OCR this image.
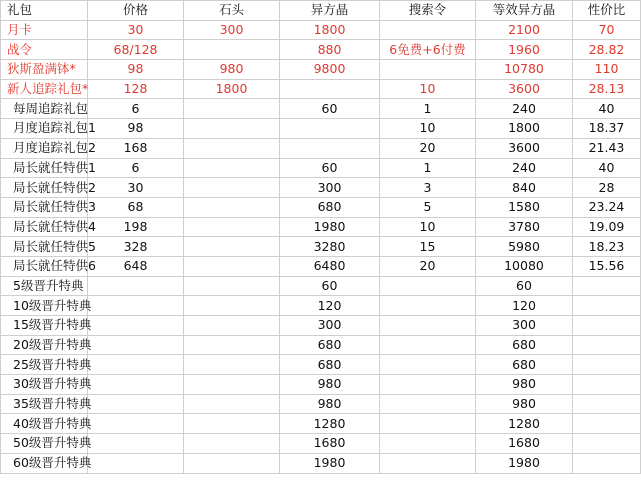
礼包	价格	石头	异方晶	搜索令	等效异方晶	性价比
月卡	30	300	1800		2100	70
战令	68/128		880	6免费+6付费	1960	28.82
狄斯盈满钵*	98	980	9800		10780	110
新人追踪礼包*	128	1800		10	3600	28.13
每周追踪礼包	6		60	1	240	40
月度追踪礼包1	98			10	1800	18.37
月度追踪礼包2	168			20	3600	21.43
局长就任特供1	6		60	1	240	40
局长就任特供2	30		300	3	840	28
局长就任特供3	68		680	5	1580	23.24
局长就任特供4	198		1980	10	3780	19.09
局长就任特供5	328		3280	15	5980	18.23
局长就任特供6	648		6480	20	10080	15.56
5级晋升特典			60		60	
10级晋升特典			120		120	
15级晋升特典			300		300	
20级晋升特典			680		680	
25级晋升特典			680		680	
30级晋升特典			980		980	
35级晋升特典			980		980	
40级晋升特典			1280		1280	
50级晋升特典			1680		1680	
60级晋升特典			1980		1980	
